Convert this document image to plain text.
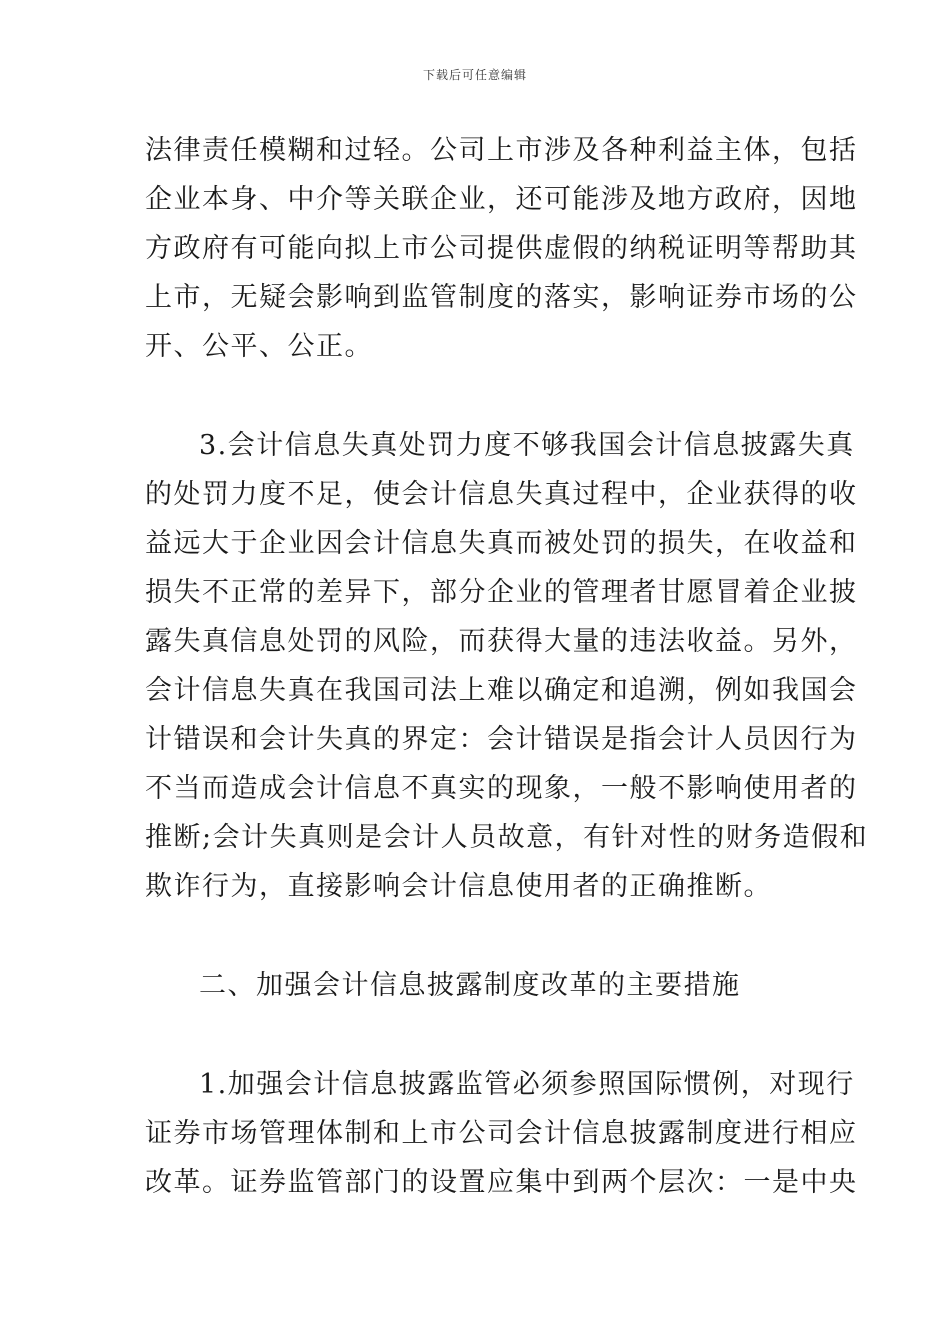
下载后可任意编辑

法律责任模糊和过轻。公司上市涉及各种利益主体，包括
企业本身、中介等关联企业，还可能涉及地方政府，因地
方政府有可能向拟上市公司提供虚假的纳税证明等帮助其
上市，无疑会影响到监管制度的落实，影响证券市场的公
开、公平、公正。

3.会计信息失真处罚力度不够我国会计信息披露失真
的处罚力度不足，使会计信息失真过程中，企业获得的收
益远大于企业因会计信息失真而被处罚的损失，在收益和
损失不正常的差异下，部分企业的管理者甘愿冒着企业披
露失真信息处罚的风险，而获得大量的违法收益。另外，
会计信息失真在我国司法上难以确定和追溯，例如我国会
计错误和会计失真的界定：会计错误是指会计人员因行为
不当而造成会计信息不真实的现象，一般不影响使用者的
推断;会计失真则是会计人员故意，有针对性的财务造假和
欺诈行为，直接影响会计信息使用者的正确推断。

二、加强会计信息披露制度改革的主要措施

1.加强会计信息披露监管必须参照国际惯例，对现行
证券市场管理体制和上市公司会计信息披露制度进行相应
改革。证券监管部门的设置应集中到两个层次：一是中央
